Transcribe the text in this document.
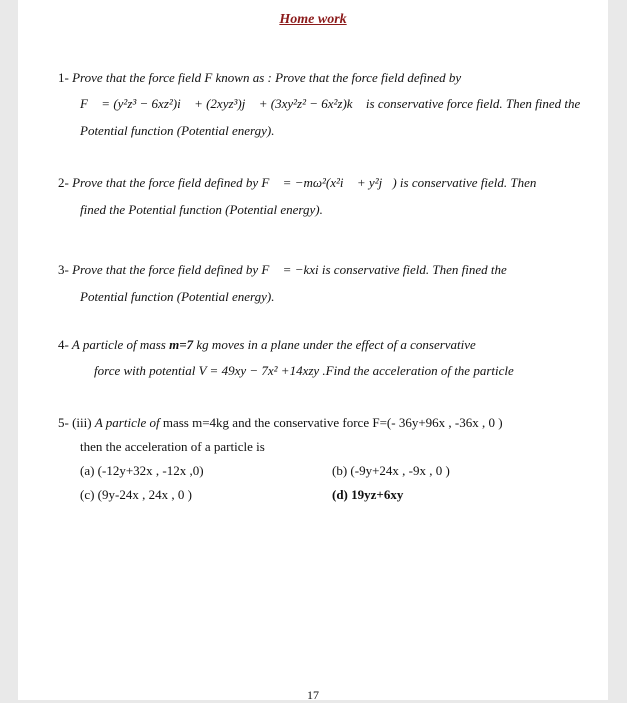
Home work
1- Prove that the force field F known as : Prove that the force field defined by
F⃗ = (y²z³ − 6xz²)i⃗ + (2xyz³)j⃗ + (3xy²z² − 6x²z)k⃗ is conservative force field. Then fined the
Potential function (Potential energy).
2- Prove that the force field defined by F⃗ = −mω²(x²i⃗ + y²j⃗) is conservative field. Then
fined the Potential function (Potential energy).
3- Prove that the force field defined by F⃗ = −kxi is conservative field. Then fined the
Potential function (Potential energy).
4- A particle of mass m=7 kg moves in a plane under the effect of a conservative
force with potential V = 49xy − 7x² +14xzy .Find the acceleration of the particle
5- (iii) A particle of mass m=4kg and the conservative force F=(- 36y+96x , -36x , 0 )
then the acceleration of a particle is
(a) (-12y+32x , -12x ,0)	(b) (-9y+24x , -9x , 0 )
(c) (9y-24x , 24x , 0 )	(d) 19yz+6xy
17
